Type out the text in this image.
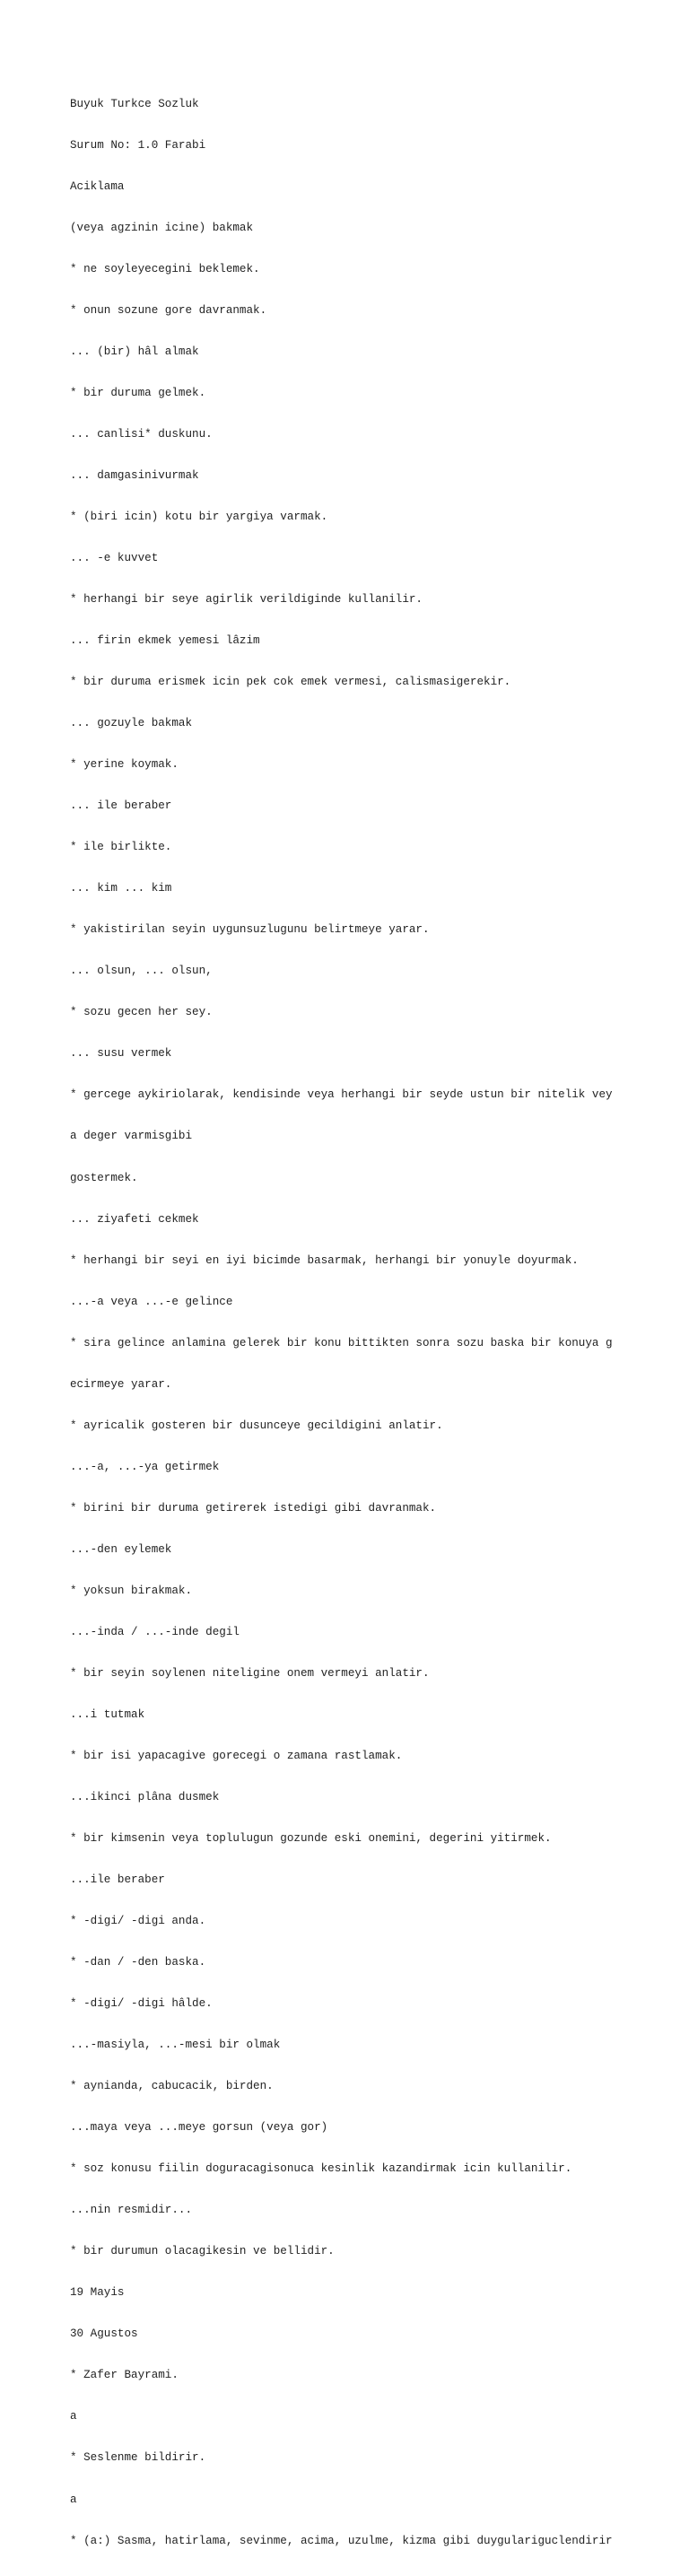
Buyuk Turkce Sozluk

Surum No: 1.0 Farabi

Aciklama

(veya agzinin icine) bakmak

* ne soyleyecegini beklemek.

* onun sozune gore davranmak.

... (bir) hâl almak

* bir duruma gelmek.

... canlisi* duskunu.

... damgasinivurmak

* (biri icin) kotu bir yargiya varmak.

... -e kuvvet

* herhangi bir seye agirlik verildiginde kullanilir.

... firin ekmek yemesi lâzim

* bir duruma erismek icin pek cok emek vermesi, calismasigerekir.

... gozuyle bakmak

* yerine koymak.

... ile beraber

* ile birlikte.

... kim ... kim

* yakistirilan seyin uygunsuzlugunu belirtmeye yarar.

... olsun, ... olsun,

* sozu gecen her sey.

... susu vermek

* gercege aykiriolarak, kendisinde veya herhangi bir seyde ustun bir nitelik vey

a deger varmisgibi

gostermek.

... ziyafeti cekmek

* herhangi bir seyi en iyi bicimde basarmak, herhangi bir yonuyle doyurmak.

...-a veya ...-e gelince

* sira gelince anlamina gelerek bir konu bittikten sonra sozu baska bir konuya g

ecirmeye yarar.

* ayricalik gosteren bir dusunceye gecildigini anlatir.

...-a, ...-ya getirmek

* birini bir duruma getirerek istedigi gibi davranmak.

...-den eylemek

* yoksun birakmak.

...-inda / ...-inde degil

* bir seyin soylenen niteligine onem vermeyi anlatir.

...i tutmak

* bir isi yapacagive gorecegi o zamana rastlamak.

...ikinci plâna dusmek

* bir kimsenin veya toplulugun gozunde eski onemini, degerini yitirmek.

...ile beraber

* -digi/ -digi anda.

* -dan / -den baska.

* -digi/ -digi hâlde.

...-masiyla, ...-mesi bir olmak

* aynianda, cabucacik, birden.

...maya veya ...meye gorsun (veya gor)

* soz konusu fiilin doguracagisonuca kesinlik kazandirmak icin kullanilir.

...nin resmidir...

* bir durumun olacagikesin ve bellidir.

19 Mayis

30 Agustos

* Zafer Bayrami.

a

* Seslenme bildirir.

a

* (a:) Sasma, hatirlama, sevinme, acima, uzulme, kizma gibi duygulariguclendirir
